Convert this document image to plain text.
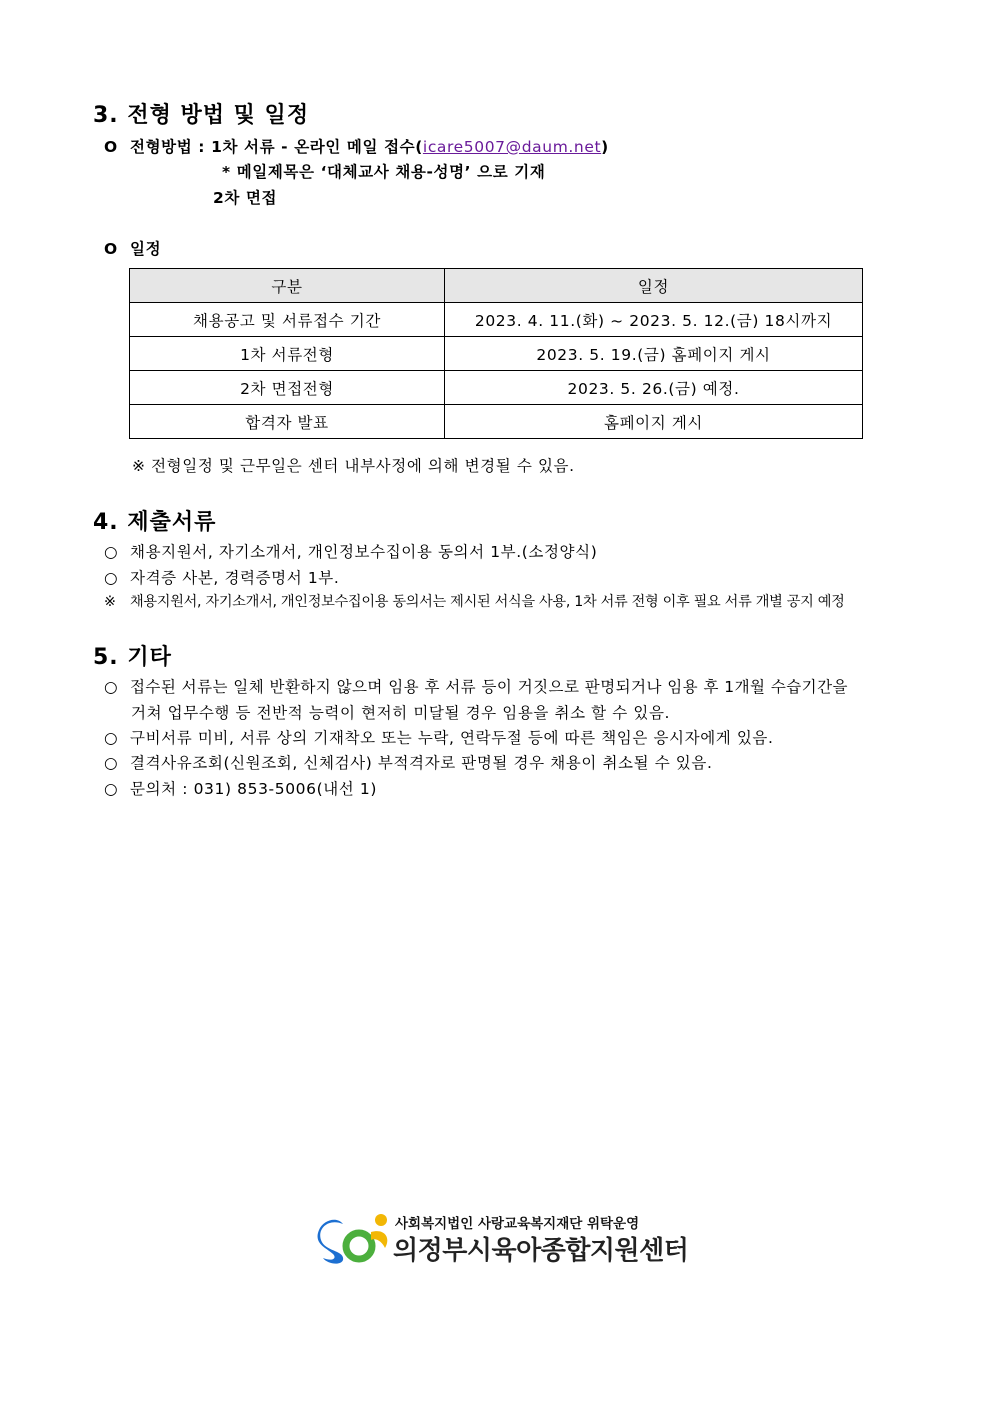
3. 전형 방법 및 일정
O 전형방법 : 1차 서류 - 온라인 메일 접수(icare5007@daum.net)
* 메일제목은 ‘대체교사 채용-성명’ 으로 기재
2차 면접
O 일정
구분	일정
채용공고 및 서류접수 기간	2023. 4. 11.(화) ~ 2023. 5. 12.(금) 18시까지
1차 서류전형	2023. 5. 19.(금) 홈페이지 게시
2차 면접전형	2023. 5. 26.(금) 예정.
합격자 발표	홈페이지 게시
※ 전형일정 및 근무일은 센터 내부사정에 의해 변경될 수 있음.
4. 제출서류
○ 채용지원서, 자기소개서, 개인정보수집이용 동의서 1부.(소정양식)
○ 자격증 사본, 경력증명서 1부.
※ 채용지원서, 자기소개서, 개인정보수집이용 동의서는 제시된 서식을 사용, 1차 서류 전형 이후 필요 서류 개별 공지 예정
5. 기타
○ 접수된 서류는 일체 반환하지 않으며 임용 후 서류 등이 거짓으로 판명되거나 임용 후 1개월 수습기간을
거쳐 업무수행 등 전반적 능력이 현저히 미달될 경우 임용을 취소 할 수 있음.
○ 구비서류 미비, 서류 상의 기재착오 또는 누락, 연락두절 등에 따른 책임은 응시자에게 있음.
○ 결격사유조회(신원조회, 신체검사) 부적격자로 판명될 경우 채용이 취소될 수 있음.
○ 문의처 : 031) 853-5006(내선 1)
사회복지법인 사랑교육복지재단 위탁운영
의정부시육아종합지원센터
